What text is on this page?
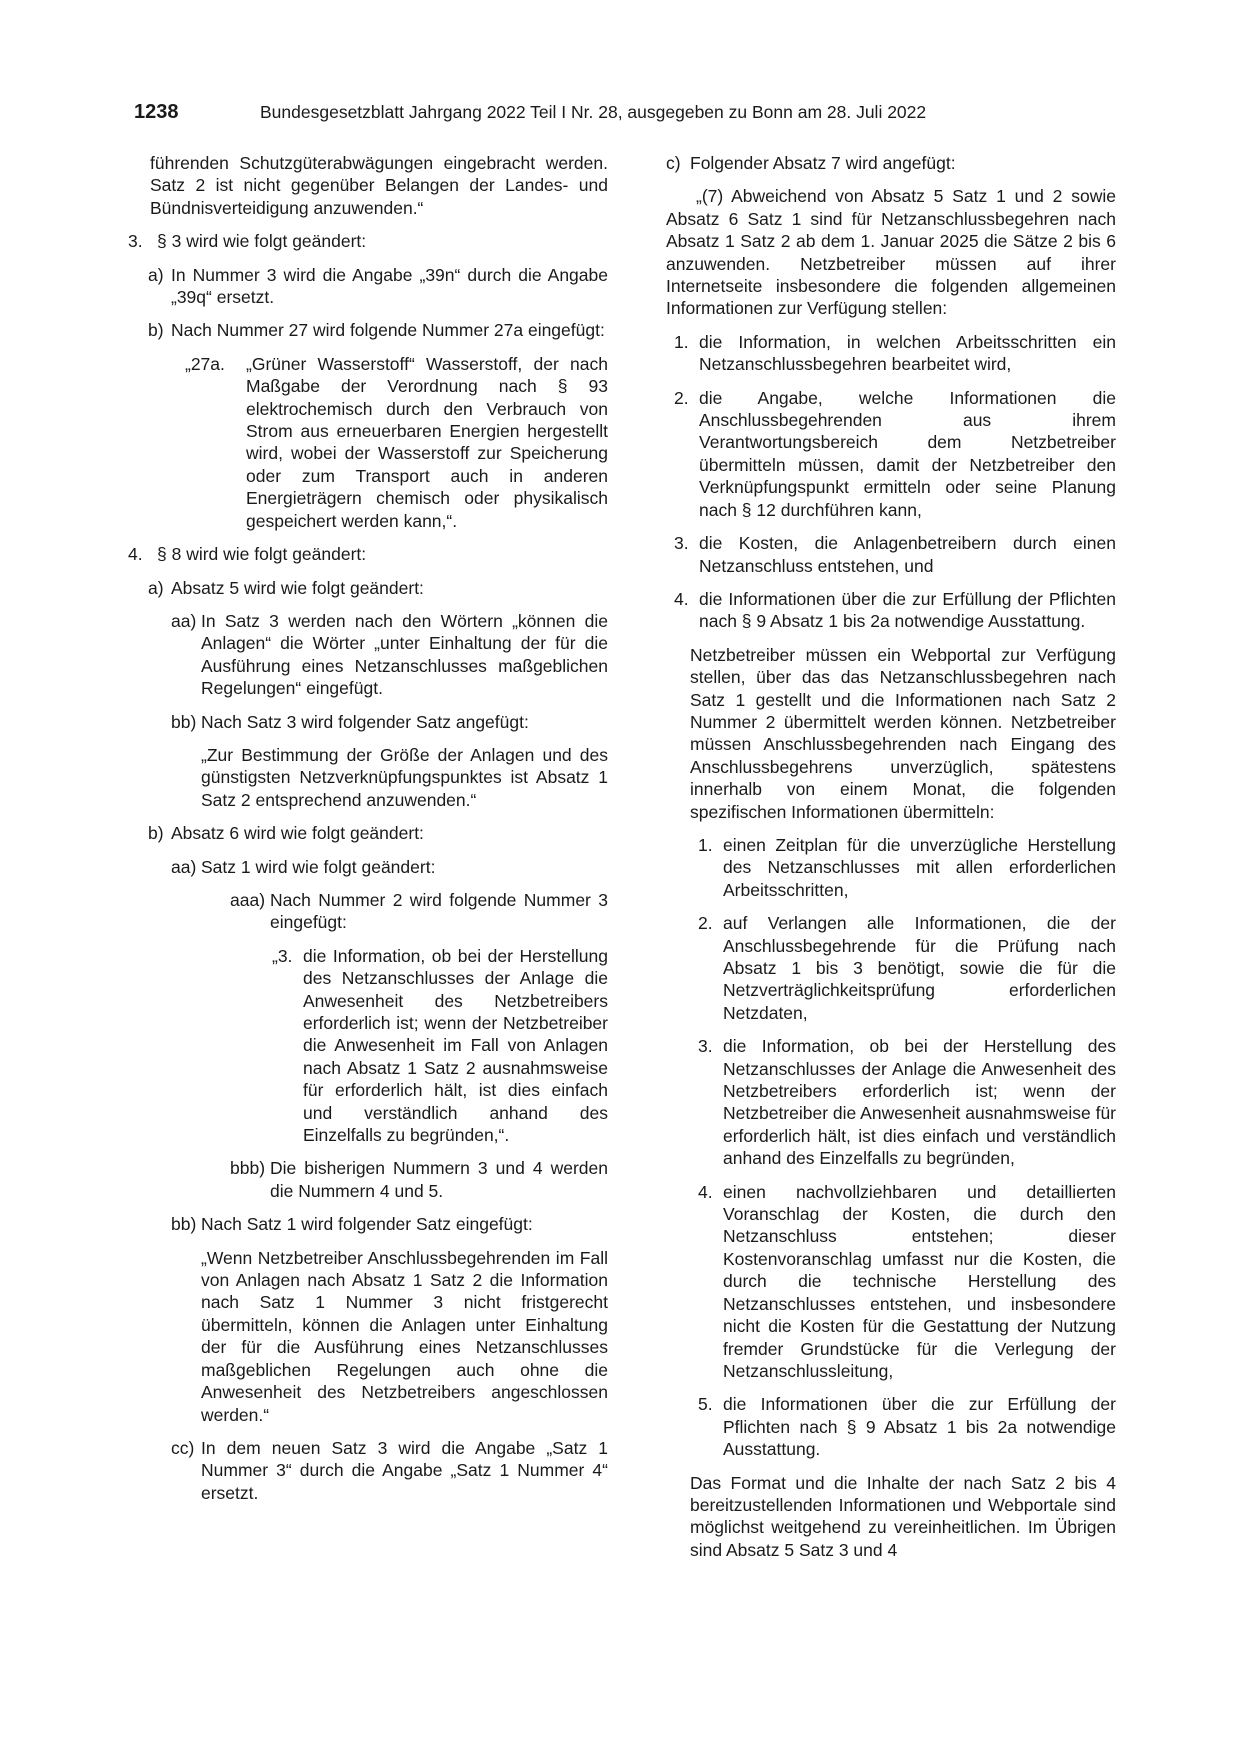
1238	Bundesgesetzblatt Jahrgang 2022 Teil I Nr. 28, ausgegeben zu Bonn am 28. Juli 2022

führenden Schutzgüterabwägungen eingebracht werden. Satz 2 ist nicht gegenüber Belangen der Landes- und Bündnisverteidigung anzuwenden.“

3. § 3 wird wie folgt geändert:
a) In Nummer 3 wird die Angabe „39n“ durch die Angabe „39q“ ersetzt.
b) Nach Nummer 27 wird folgende Nummer 27a eingefügt:
„27a. „Grüner Wasserstoff“ Wasserstoff, der nach Maßgabe der Verordnung nach § 93 elektrochemisch durch den Verbrauch von Strom aus erneuerbaren Energien hergestellt wird, wobei der Wasserstoff zur Speicherung oder zum Transport auch in anderen Energieträgern chemisch oder physikalisch gespeichert werden kann,“.
4. § 8 wird wie folgt geändert:
a) Absatz 5 wird wie folgt geändert:
aa) In Satz 3 werden nach den Wörtern „können die Anlagen“ die Wörter „unter Einhaltung der für die Ausführung eines Netzanschlusses maßgeblichen Regelungen“ eingefügt.
bb) Nach Satz 3 wird folgender Satz angefügt:

„Zur Bestimmung der Größe der Anlagen und des günstigsten Netzverknüpfungspunktes ist Absatz 1 Satz 2 entsprechend anzuwenden.“

b) Absatz 6 wird wie folgt geändert:
aa) Satz 1 wird wie folgt geändert:
aaa) Nach Nummer 2 wird folgende Nummer 3 eingefügt:
„3. die Information, ob bei der Herstellung des Netzanschlusses der Anlage die Anwesenheit des Netzbetreibers erforderlich ist; wenn der Netzbetreiber die Anwesenheit im Fall von Anlagen nach Absatz 1 Satz 2 ausnahmsweise für erforderlich hält, ist dies einfach und verständlich anhand des Einzelfalls zu begründen,“.
bbb) Die bisherigen Nummern 3 und 4 werden die Nummern 4 und 5.
bb) Nach Satz 1 wird folgender Satz eingefügt:

„Wenn Netzbetreiber Anschlussbegehrenden im Fall von Anlagen nach Absatz 1 Satz 2 die Information nach Satz 1 Nummer 3 nicht fristgerecht übermitteln, können die Anlagen unter Einhaltung der für die Ausführung eines Netzanschlusses maßgeblichen Regelungen auch ohne die Anwesenheit des Netzbetreibers angeschlossen werden.“

cc) In dem neuen Satz 3 wird die Angabe „Satz 1 Nummer 3“ durch die Angabe „Satz 1 Nummer 4“ ersetzt.
c) Folgender Absatz 7 wird angefügt:

„(7) Abweichend von Absatz 5 Satz 1 und 2 sowie Absatz 6 Satz 1 sind für Netzanschlussbegehren nach Absatz 1 Satz 2 ab dem 1. Januar 2025 die Sätze 2 bis 6 anzuwenden. Netzbetreiber müssen auf ihrer Internetseite insbesondere die folgenden allgemeinen Informationen zur Verfügung stellen:

1. die Information, in welchen Arbeitsschritten ein Netzanschlussbegehren bearbeitet wird,
2. die Angabe, welche Informationen die Anschlussbegehrenden aus ihrem Verantwortungsbereich dem Netzbetreiber übermitteln müssen, damit der Netzbetreiber den Verknüpfungspunkt ermitteln oder seine Planung nach § 12 durchführen kann,
3. die Kosten, die Anlagenbetreibern durch einen Netzanschluss entstehen, und
4. die Informationen über die zur Erfüllung der Pflichten nach § 9 Absatz 1 bis 2a notwendige Ausstattung.

Netzbetreiber müssen ein Webportal zur Verfügung stellen, über das das Netzanschlussbegehren nach Satz 1 gestellt und die Informationen nach Satz 2 Nummer 2 übermittelt werden können. Netzbetreiber müssen Anschlussbegehrenden nach Eingang des Anschlussbegehrens unverzüglich, spätestens innerhalb von einem Monat, die folgenden spezifischen Informationen übermitteln:

1. einen Zeitplan für die unverzügliche Herstellung des Netzanschlusses mit allen erforderlichen Arbeitsschritten,
2. auf Verlangen alle Informationen, die der Anschlussbegehrende für die Prüfung nach Absatz 1 bis 3 benötigt, sowie die für die Netzverträglichkeitsprüfung erforderlichen Netzdaten,
3. die Information, ob bei der Herstellung des Netzanschlusses der Anlage die Anwesenheit des Netzbetreibers erforderlich ist; wenn der Netzbetreiber die Anwesenheit ausnahmsweise für erforderlich hält, ist dies einfach und verständlich anhand des Einzelfalls zu begründen,
4. einen nachvollziehbaren und detaillierten Voranschlag der Kosten, die durch den Netzanschluss entstehen; dieser Kostenvoranschlag umfasst nur die Kosten, die durch die technische Herstellung des Netzanschlusses entstehen, und insbesondere nicht die Kosten für die Gestattung der Nutzung fremder Grundstücke für die Verlegung der Netzanschlussleitung,
5. die Informationen über die zur Erfüllung der Pflichten nach § 9 Absatz 1 bis 2a notwendige Ausstattung.

Das Format und die Inhalte der nach Satz 2 bis 4 bereitzustellenden Informationen und Webportale sind möglichst weitgehend zu vereinheitlichen. Im Übrigen sind Absatz 5 Satz 3 und 4
